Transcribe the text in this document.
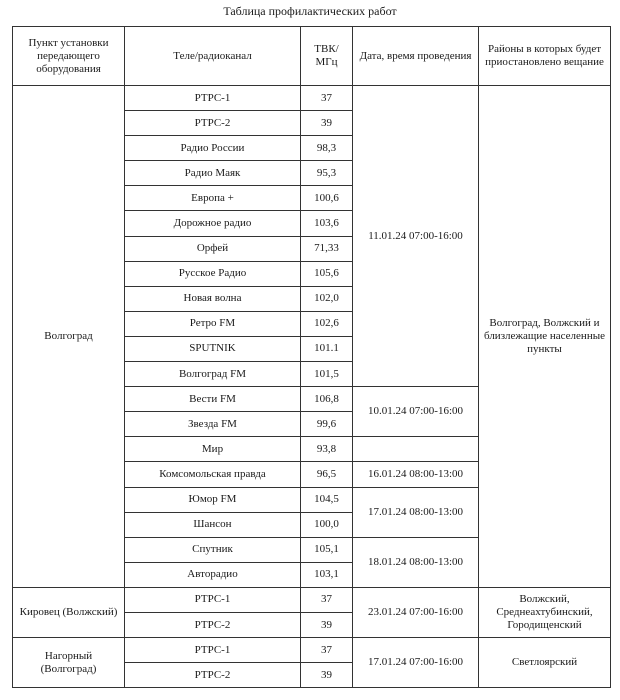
Таблица профилактических работ
Пункт установки передающего оборудования	Теле/радиоканал	ТВК/ МГц	Дата, время проведения	Районы в которых будет приостановлено вещание
Волгоград	РТРС-1	37	11.01.24 07:00-16:00	Волгоград, Волжский и близлежащие населенные пункты
	РТРС-2	39		
	Радио России	98,3		
	Радио Маяк	95,3		
	Европа +	100,6		
	Дорожное радио	103,6		
	Орфей	71,33		
	Русское Радио	105,6		
	Новая волна	102,0		
	Ретро FM	102,6		
	SPUTNIK	101.1		
	Волгоград FM	101,5		
	Вести FM	106,8	10.01.24 07:00-16:00	
	Звезда FM	99,6		
	Мир	93,8		
	Комсомольская правда	96,5	16.01.24 08:00-13:00	
	Юмор FM	104,5	17.01.24 08:00-13:00	
	Шансон	100,0		
	Спутник	105,1	18.01.24 08:00-13:00	
	Авторадио	103,1		
Кировец (Волжский)	РТРС-1	37	23.01.24 07:00-16:00	Волжский, Среднеахтубинский, Городищенский
	РТРС-2	39		
Нагорный (Волгоград)	РТРС-1	37	17.01.24 07:00-16:00	Светлоярский
	РТРС-2	39		
